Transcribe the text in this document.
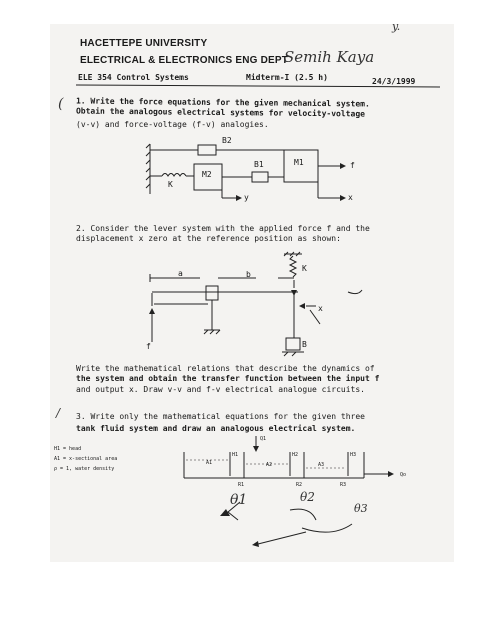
y.
HACETTEPE UNIVERSITY
ELECTRICAL & ELECTRONICS ENG DEPT
Semih Kaya
ELE 354 Control Systems	Midterm-I (2.5 h)	24/3/1999
( 1. Write the force equations for the given mechanical system.
Obtain the analogous electrical systems for velocity-voltage
(v-v) and force-voltage (f-v) analogies.
B2
B1	M1
M2
K
f
y	x
2. Consider the lever system with the applied force f and the
displacement x zero at the reference position as shown:
a	b
K
x
f	B
Write the mathematical relations that describe the dynamics of
the system and obtain the transfer function between the input f
and output x. Draw v-v and f-v electrical analogue circuits.
/ 3. Write only the mathematical equations for the given three
tank fluid system and draw an analogous electrical system.
H1 = head
A1 = x-sectional area
ρ = 1, water density
Q1
H1	H2	H3
A1	A2	A3
R1	R2	R3
Qo
θ1	θ2
θ3
